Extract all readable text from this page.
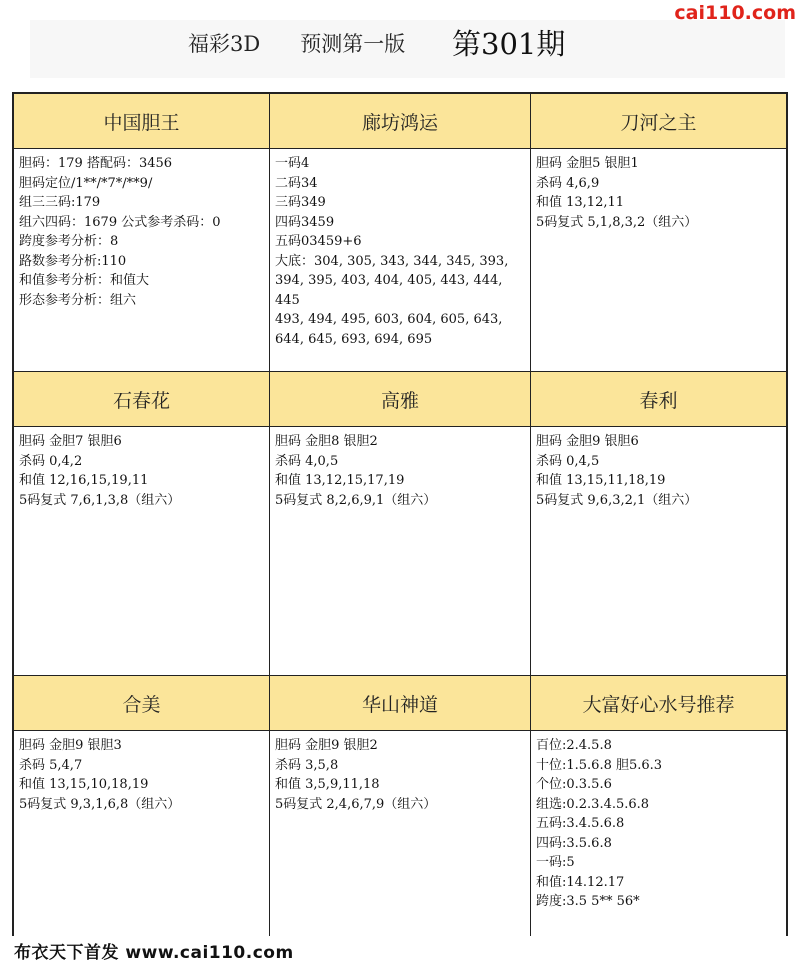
福彩3D      预测第一版 第301期
cai110.com
中国胆王
胆码：179 搭配码：3456
胆码定位/1**/*7*/**9/
组三三码:179
组六四码：1679 公式参考杀码：0
跨度参考分析：8
路数参考分析:110
和值参考分析：和值大
形态参考分析：组六
廊坊鸿运
一码4
二码34
三码349
四码3459
五码03459+6
大底：304, 305, 343, 344, 345, 393, 394, 395, 403, 404, 405, 443, 444, 445
493, 494, 495, 603, 604, 605, 643, 644, 645, 693, 694, 695
刀河之主
胆码 金胆5 银胆1
杀码 4,6,9
和值 13,12,11
5码复式 5,1,8,3,2（组六）
石春花
胆码 金胆7 银胆6
杀码 0,4,2
和值 12,16,15,19,11
5码复式 7,6,1,3,8（组六）
高雅
胆码 金胆8 银胆2
杀码 4,0,5
和值 13,12,15,17,19
5码复式 8,2,6,9,1（组六）
春利
胆码 金胆9 银胆6
杀码 0,4,5
和值 13,15,11,18,19
5码复式 9,6,3,2,1（组六）
合美
胆码 金胆9 银胆3
杀码 5,4,7
和值 13,15,10,18,19
5码复式 9,3,1,6,8（组六）
华山神道
胆码 金胆9 银胆2
杀码 3,5,8
和值 3,5,9,11,18
5码复式 2,4,6,7,9（组六）
大富好心水号推荐
百位:2.4.5.8
十位:1.5.6.8 胆5.6.3
个位:0.3.5.6
组选:0.2.3.4.5.6.8
五码:3.4.5.6.8
四码:3.5.6.8
一码:5
和值:14.12.17
跨度:3.5 5** 56*
布衣天下首发 www.cai110.com
